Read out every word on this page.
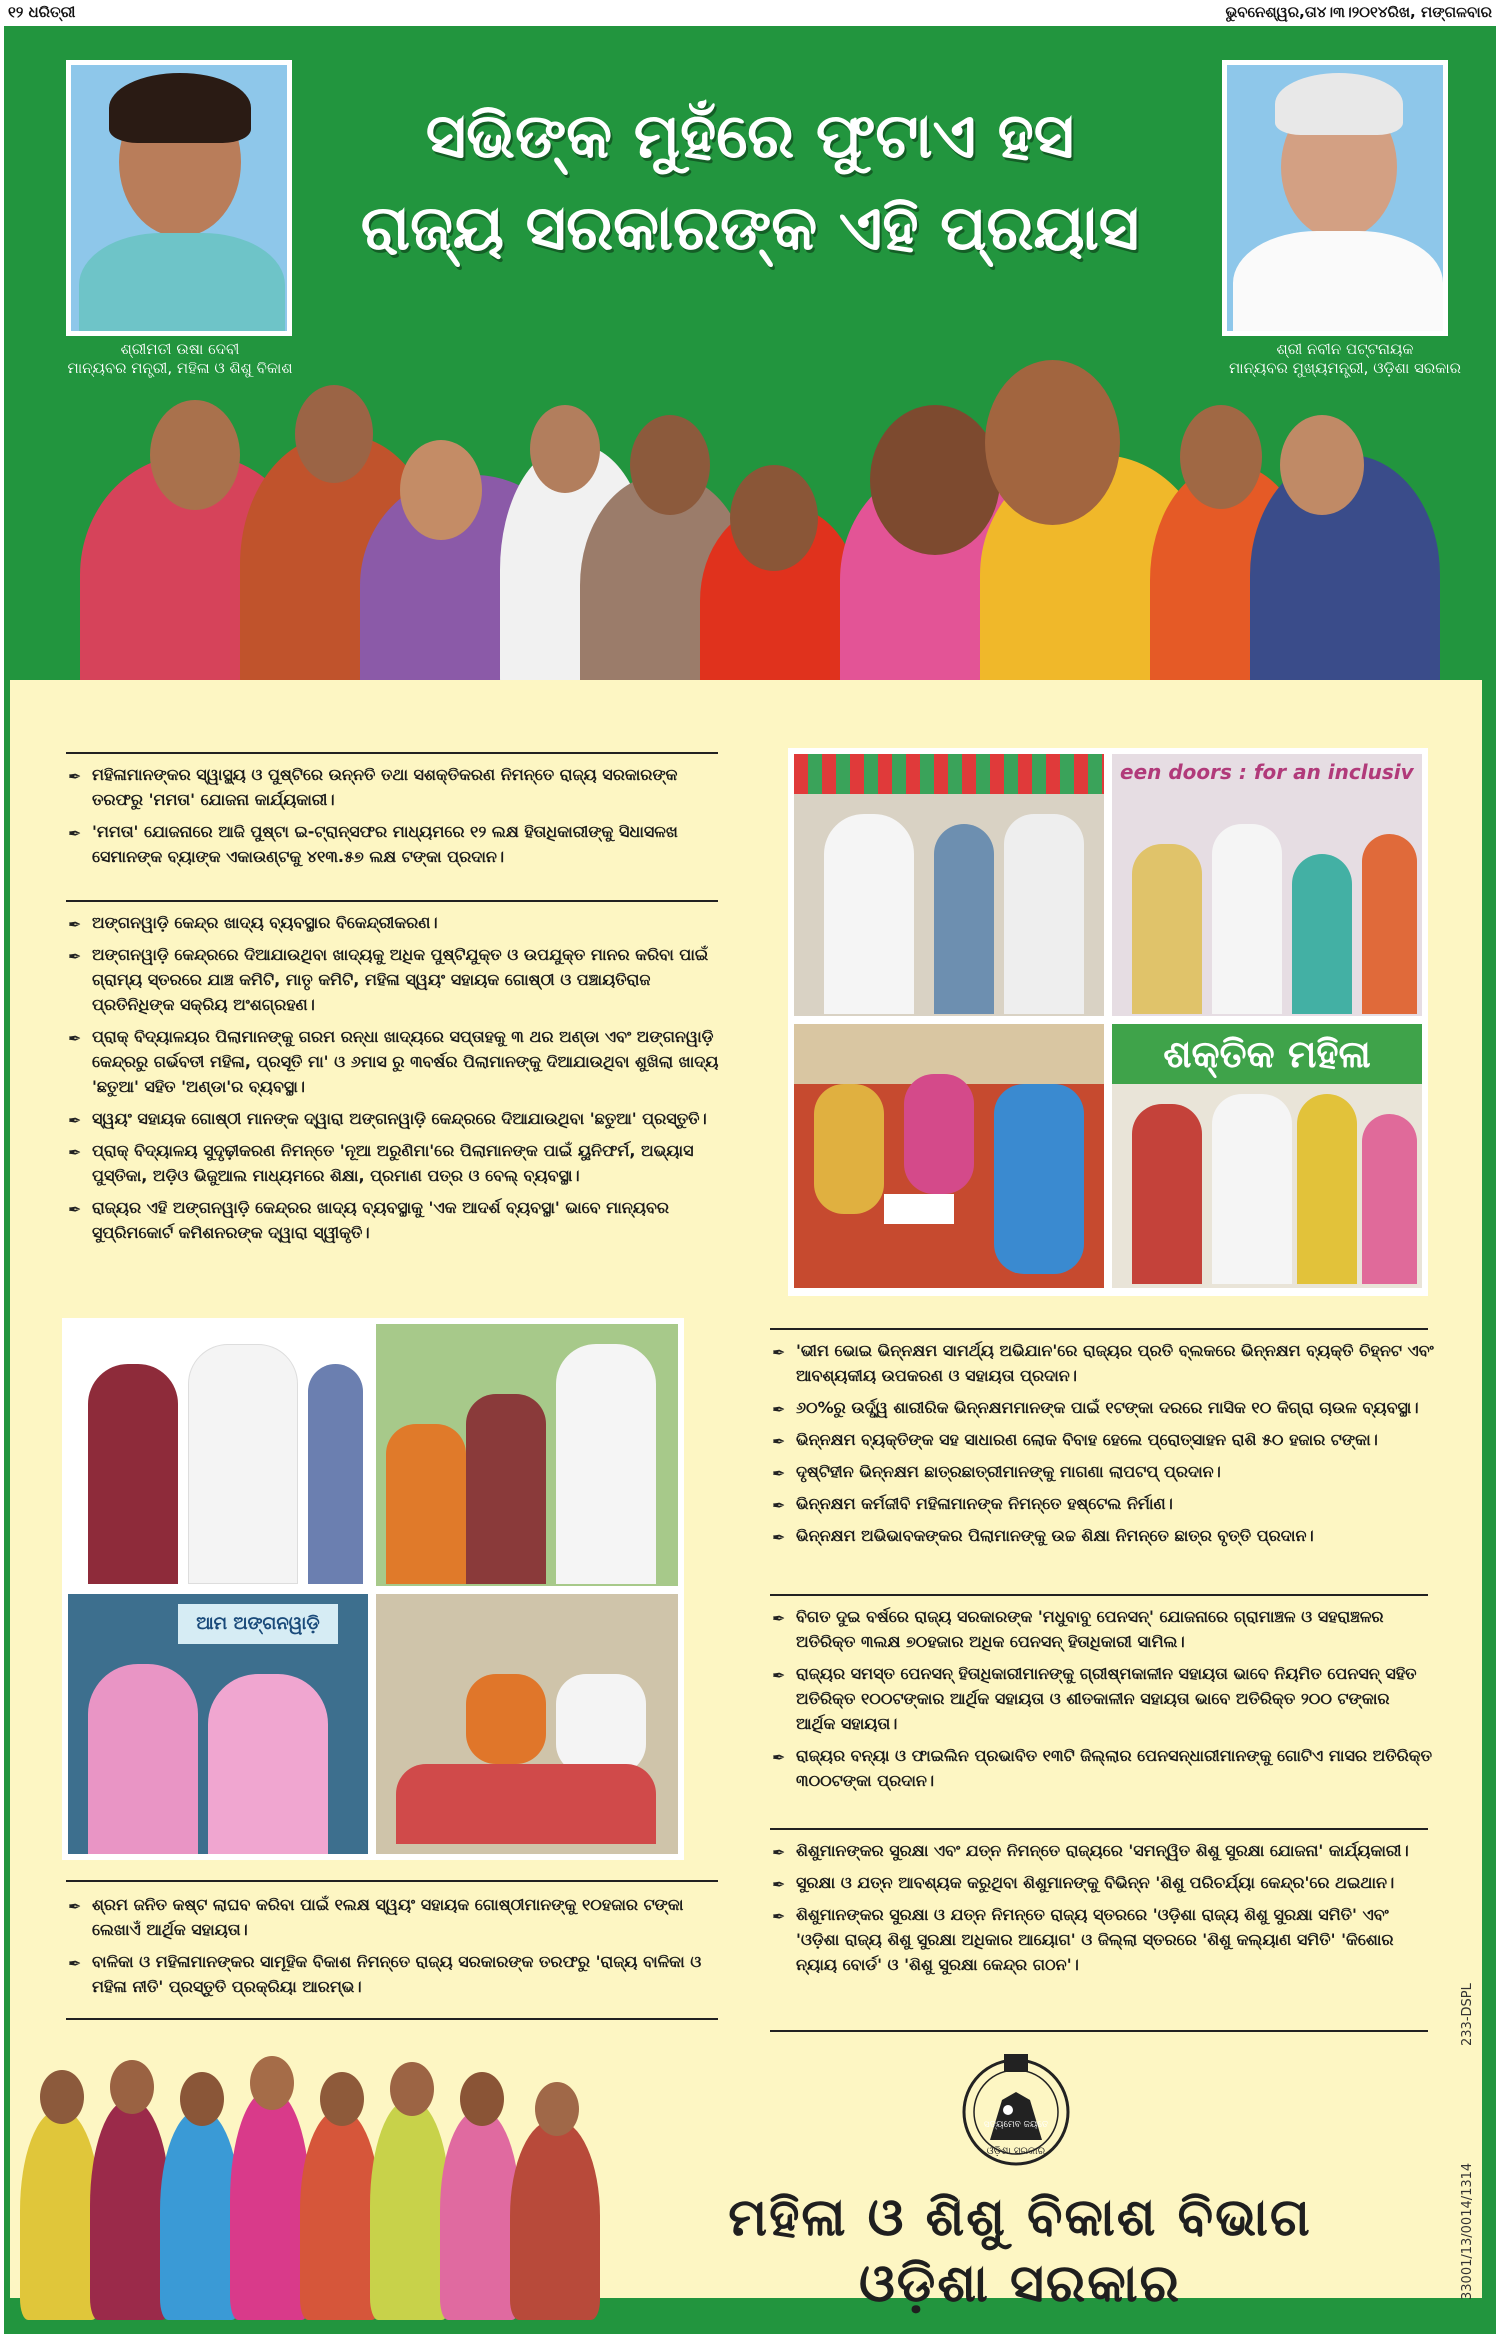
୧୨ ଧରିତ୍ରୀ	ଭୁବନେଶ୍ୱର,ତା୪।୩।୨୦୧୪ରିଖ, ମଙ୍ଗଳବାର
ସଭିଙ୍କ ମୁହଁରେ ଫୁଟାଏ ହସ
ରାଜ୍ୟ ସରକାରଙ୍କ ଏହି ପ୍ରୟାସ
ଶ୍ରୀମତୀ ଉଷା ଦେବୀ
ମାନ୍ୟବର ମନ୍ତ୍ରୀ, ମହିଳା ଓ ଶିଶୁ ବିକାଶ
ଶ୍ରୀ ନବୀନ ପଟ୍ଟନାୟକ
ମାନ୍ୟବର ମୁଖ୍ୟମନ୍ତ୍ରୀ, ଓଡ଼ିଶା ସରକାର
✒ ମହିଳାମାନଙ୍କର ସ୍ୱାସ୍ଥ୍ୟ ଓ ପୁଷ୍ଟିରେ ଉନ୍ନତି ତଥା ସଶକ୍ତିକରଣ ନିମନ୍ତେ ରାଜ୍ୟ ସରକାରଙ୍କ ତରଫରୁ 'ମମତା' ଯୋଜନା କାର୍ଯ୍ୟକାରୀ।
✒ 'ମମତା' ଯୋଜନାରେ ଆଜି ପୁଷ୍ଟା ଇ-ଟ୍ରାନ୍ସଫର ମାଧ୍ୟମରେ ୧୨ ଲକ୍ଷ ହିତାଧିକାରୀଙ୍କୁ ସିଧାସଳଖ ସେମାନଙ୍କ ବ୍ୟାଙ୍କ ଏକାଉଣ୍ଟକୁ ୪୧୩.୫୭ ଲକ୍ଷ ଟଙ୍କା ପ୍ରଦାନ।
✒ ଅଙ୍ଗନୱାଡ଼ି କେନ୍ଦ୍ର ଖାଦ୍ୟ ବ୍ୟବସ୍ଥାର ବିକେନ୍ଦ୍ରୀକରଣ।
✒ ଅଙ୍ଗନୱାଡ଼ି କେନ୍ଦ୍ରରେ ଦିଆଯାଉଥିବା ଖାଦ୍ୟକୁ ଅଧିକ ପୁଷ୍ଟିଯୁକ୍ତ ଓ ଉପଯୁକ୍ତ ମାନର କରିବା ପାଇଁ ଗ୍ରାମ୍ୟ ସ୍ତରରେ ଯାଞ୍ଚ କମିଟି, ମାତୃ କମିଟି, ମହିଳା ସ୍ୱୟଂ ସହାୟକ ଗୋଷ୍ଠୀ ଓ ପଞ୍ଚାୟତିରାଜ ପ୍ରତିନିଧିଙ୍କ ସକ୍ରିୟ ଅଂଶଗ୍ରହଣ।
✒ ପ୍ରାକ୍ ବିଦ୍ୟାଳୟର ପିଲାମାନଙ୍କୁ ଗରମ ରନ୍ଧା ଖାଦ୍ୟରେ ସପ୍ତାହକୁ ୩ ଥର ଅଣ୍ଡା ଏବଂ ଅଙ୍ଗନୱାଡ଼ି କେନ୍ଦ୍ରରୁ ଗର୍ଭବତୀ ମହିଳା, ପ୍ରସୂତି ମା' ଓ ୬ମାସ ରୁ ୩ବର୍ଷର ପିଲାମାନଙ୍କୁ ଦିଆଯାଉଥିବା ଶୁଖିଲା ଖାଦ୍ୟ 'ଛତୁଆ' ସହିତ 'ଅଣ୍ଡା'ର ବ୍ୟବସ୍ଥା।
✒ ସ୍ୱୟଂ ସହାୟକ ଗୋଷ୍ଠୀ ମାନଙ୍କ ଦ୍ୱାରା ଅଙ୍ଗନୱାଡ଼ି କେନ୍ଦ୍ରରେ ଦିଆଯାଉଥିବା 'ଛତୁଆ' ପ୍ରସ୍ତୁତି।
✒ ପ୍ରାକ୍ ବିଦ୍ୟାଳୟ ସୁଦୃଢ଼ୀକରଣ ନିମନ୍ତେ 'ନୂଆ ଅରୁଣିମା'ରେ ପିଲାମାନଙ୍କ ପାଇଁ ୟୁନିଫର୍ମ, ଅଭ୍ୟାସ ପୁସ୍ତିକା, ଅଡ଼ିଓ ଭିଜୁଆଲ ମାଧ୍ୟମରେ ଶିକ୍ଷା, ପ୍ରମାଣ ପତ୍ର ଓ ବେଲ୍ ବ୍ୟବସ୍ଥା।
✒ ରାଜ୍ୟର ଏହି ଅଙ୍ଗନୱାଡ଼ି କେନ୍ଦ୍ରର ଖାଦ୍ୟ ବ୍ୟବସ୍ଥାକୁ 'ଏକ ଆଦର୍ଶ ବ୍ୟବସ୍ଥା' ଭାବେ ମାନ୍ୟବର ସୁପ୍ରିମକୋର୍ଟ କମିଶନରଙ୍କ ଦ୍ୱାରା ସ୍ୱୀକୃତି।
een doors : for an inclusiv
ଶକ୍ତିକ ମହିଳା
ଆମ ଅଙ୍ଗନୱାଡ଼ି
✒ ଶ୍ରମ ଜନିତ କଷ୍ଟ ଲାଘବ କରିବା ପାଇଁ ୧ଲକ୍ଷ ସ୍ୱୟଂ ସହାୟକ ଗୋଷ୍ଠୀମାନଙ୍କୁ ୧୦ହଜାର ଟଙ୍କା ଲେଖାଏଁ ଆର୍ଥିକ ସହାୟତା।
✒ ବାଳିକା ଓ ମହିଳାମାନଙ୍କର ସାମୂହିକ ବିକାଶ ନିମନ୍ତେ ରାଜ୍ୟ ସରକାରଙ୍କ ତରଫରୁ 'ରାଜ୍ୟ ବାଳିକା ଓ ମହିଳା ନୀତି' ପ୍ରସ୍ତୁତି ପ୍ରକ୍ରିୟା ଆରମ୍ଭ।
✒ 'ଭୀମ ଭୋଇ ଭିନ୍ନକ୍ଷମ ସାମର୍ଥ୍ୟ ଅଭିଯାନ'ରେ ରାଜ୍ୟର ପ୍ରତି ବ୍ଲକରେ ଭିନ୍ନକ୍ଷମ ବ୍ୟକ୍ତି ଚିହ୍ନଟ ଏବଂ ଆବଶ୍ୟକୀୟ ଉପକରଣ ଓ ସହାୟତା ପ୍ରଦାନ।
✒ ୬୦%ରୁ ଉର୍ଦ୍ଧ୍ୱ ଶାରୀରିକ ଭିନ୍ନକ୍ଷମମାନଙ୍କ ପାଇଁ ୧ଟଙ୍କା ଦରରେ ମାସିକ ୧୦ କିଗ୍ରା ଚାଉଳ ବ୍ୟବସ୍ଥା।
✒ ଭିନ୍ନକ୍ଷମ ବ୍ୟକ୍ତିଙ୍କ ସହ ସାଧାରଣ ଲୋକ ବିବାହ ହେଲେ ପ୍ରୋତ୍ସାହନ ରାଶି ୫୦ ହଜାର ଟଙ୍କା।
✒ ଦୃଷ୍ଟିହୀନ ଭିନ୍ନକ୍ଷମ ଛାତ୍ରଛାତ୍ରୀମାନଙ୍କୁ ମାଗଣା ଲାପଟପ୍ ପ୍ରଦାନ।
✒ ଭିନ୍ନକ୍ଷମ କର୍ମଜୀବି ମହିଳାମାନଙ୍କ ନିମନ୍ତେ ହଷ୍ଟେଲ ନିର୍ମାଣ।
✒ ଭିନ୍ନକ୍ଷମ ଅଭିଭାବକଙ୍କର ପିଲାମାନଙ୍କୁ ଉଚ୍ଚ ଶିକ୍ଷା ନିମନ୍ତେ ଛାତ୍ର ବୃତ୍ତି ପ୍ରଦାନ।
✒ ବିଗତ ଦୁଇ ବର୍ଷରେ ରାଜ୍ୟ ସରକାରଙ୍କ 'ମଧୁବାବୁ ପେନସନ୍' ଯୋଜନାରେ ଗ୍ରାମାଞ୍ଚଳ ଓ ସହରାଞ୍ଚଳର ଅତିରିକ୍ତ ୩ଲକ୍ଷ ୭୦ହଜାର ଅଧିକ ପେନସନ୍ ହିତାଧିକାରୀ ସାମିଲ।
✒ ରାଜ୍ୟର ସମସ୍ତ ପେନସନ୍ ହିତାଧିକାରୀମାନଙ୍କୁ ଗ୍ରୀଷ୍ମକାଳୀନ ସହାୟତା ଭାବେ ନିୟମିତ ପେନସନ୍ ସହିତ ଅତିରିକ୍ତ ୧୦୦ଟଙ୍କାର ଆର୍ଥିକ ସହାୟତା ଓ ଶୀତକାଳୀନ ସହାୟତା ଭାବେ ଅତିରିକ୍ତ ୨୦୦ ଟଙ୍କାର ଆର୍ଥିକ ସହାୟତା।
✒ ରାଜ୍ୟର ବନ୍ୟା ଓ ଫାଇଲିନ ପ୍ରଭାବିତ ୧୩ଟି ଜିଲ୍ଲାର ପେନସନ୍ଧାରୀମାନଙ୍କୁ ଗୋଟିଏ ମାସର ଅତିରିକ୍ତ ୩୦୦ଟଙ୍କା ପ୍ରଦାନ।
✒ ଶିଶୁମାନଙ୍କର ସୁରକ୍ଷା ଏବଂ ଯତ୍ନ ନିମନ୍ତେ ରାଜ୍ୟରେ 'ସମନ୍ୱିତ ଶିଶୁ ସୁରକ୍ଷା ଯୋଜନା' କାର୍ଯ୍ୟକାରୀ।
✒ ସୁରକ୍ଷା ଓ ଯତ୍ନ ଆବଶ୍ୟକ କରୁଥିବା ଶିଶୁମାନଙ୍କୁ ବିଭିନ୍ନ 'ଶିଶୁ ପରିଚର୍ଯ୍ୟା କେନ୍ଦ୍ର'ରେ ଥଇଥାନ।
✒ ଶିଶୁମାନଙ୍କର ସୁରକ୍ଷା ଓ ଯତ୍ନ ନିମନ୍ତେ ରାଜ୍ୟ ସ୍ତରରେ 'ଓଡ଼ିଶା ରାଜ୍ୟ ଶିଶୁ ସୁରକ୍ଷା ସମିତି' ଏବଂ 'ଓଡ଼ିଶା ରାଜ୍ୟ ଶିଶୁ ସୁରକ୍ଷା ଅଧିକାର ଆୟୋଗ' ଓ ଜିଲ୍ଲା ସ୍ତରରେ 'ଶିଶୁ କଲ୍ୟାଣ ସମିତି' 'କିଶୋର ନ୍ୟାୟ ବୋର୍ଡ' ଓ 'ଶିଶୁ ସୁରକ୍ଷା କେନ୍ଦ୍ର ଗଠନ'।
233-DSPL
33001/13/0014/1314
ସତ୍ୟମେବ ଜୟତେ
ଓଡ଼ିଶା ସରକାର
ମହିଳା ଓ ଶିଶୁ ବିକାଶ ବିଭାଗ
ଓଡ଼ିଶା ସରକାର
